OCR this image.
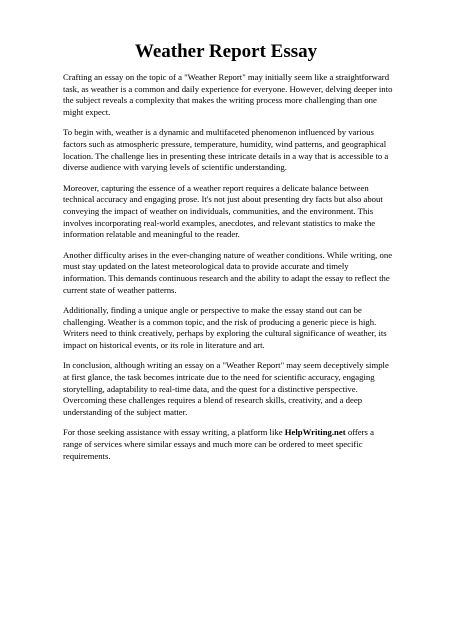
Weather Report Essay

Crafting an essay on the topic of a "Weather Report" may initially seem like a straightforward task, as weather is a common and daily experience for everyone. However, delving deeper into the subject reveals a complexity that makes the writing process more challenging than one might expect.

To begin with, weather is a dynamic and multifaceted phenomenon influenced by various factors such as atmospheric pressure, temperature, humidity, wind patterns, and geographical location. The challenge lies in presenting these intricate details in a way that is accessible to a diverse audience with varying levels of scientific understanding.

Moreover, capturing the essence of a weather report requires a delicate balance between technical accuracy and engaging prose. It's not just about presenting dry facts but also about conveying the impact of weather on individuals, communities, and the environment. This involves incorporating real-world examples, anecdotes, and relevant statistics to make the information relatable and meaningful to the reader.

Another difficulty arises in the ever-changing nature of weather conditions. While writing, one must stay updated on the latest meteorological data to provide accurate and timely information. This demands continuous research and the ability to adapt the essay to reflect the current state of weather patterns.

Additionally, finding a unique angle or perspective to make the essay stand out can be challenging. Weather is a common topic, and the risk of producing a generic piece is high. Writers need to think creatively, perhaps by exploring the cultural significance of weather, its impact on historical events, or its role in literature and art.

In conclusion, although writing an essay on a "Weather Report" may seem deceptively simple at first glance, the task becomes intricate due to the need for scientific accuracy, engaging storytelling, adaptability to real-time data, and the quest for a distinctive perspective. Overcoming these challenges requires a blend of research skills, creativity, and a deep understanding of the subject matter.

For those seeking assistance with essay writing, a platform like HelpWriting.net offers a range of services where similar essays and much more can be ordered to meet specific requirements.
